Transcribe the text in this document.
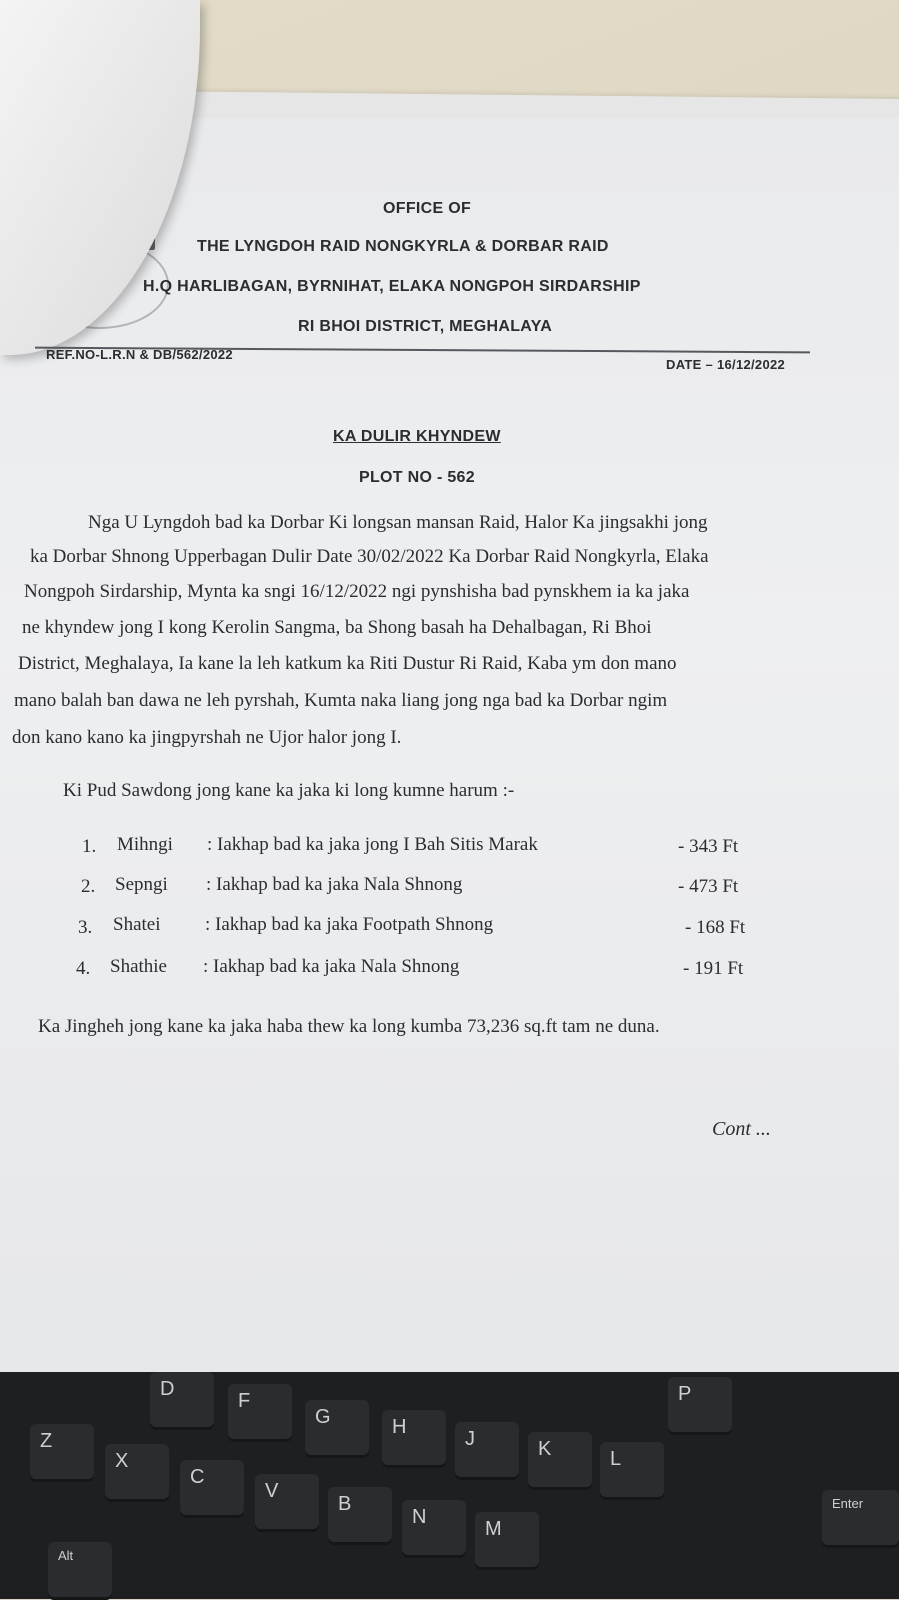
OFFICE OF
THE LYNGDOH RAID NONGKYRLA & DORBAR RAID
H.Q HARLIBAGAN, BYRNIHAT, ELAKA NONGPOH SIRDARSHIP
RI BHOI DISTRICT, MEGHALAYA
REF.NO-L.R.N & DB/562/2022
DATE – 16/12/2022
KA DULIR KHYNDEW
PLOT NO - 562
Nga U Lyngdoh bad ka Dorbar Ki longsan mansan Raid, Halor Ka jingsakhi jong
ka Dorbar Shnong Upperbagan Dulir Date 30/02/2022 Ka Dorbar Raid Nongkyrla, Elaka
Nongpoh Sirdarship, Mynta ka sngi 16/12/2022 ngi pynshisha bad pynskhem ia ka jaka
ne khyndew jong I kong Kerolin Sangma, ba Shong basah ha Dehalbagan, Ri Bhoi
District, Meghalaya, Ia kane la leh katkum ka Riti Dustur Ri Raid, Kaba ym don mano
mano balah ban dawa ne leh pyrshah, Kumta naka liang jong nga bad ka Dorbar ngim
don kano kano ka jingpyrshah ne Ujor halor jong I.
Ki Pud Sawdong jong kane ka jaka ki long kumne harum :-
1. Mihngi : Iakhap bad ka jaka jong I Bah Sitis Marak	- 343 Ft
2. Sepngi : Iakhap bad ka jaka Nala Shnong	- 473 Ft
3. Shatei : Iakhap bad ka jaka Footpath Shnong	- 168 Ft
4. Shathie : Iakhap bad ka jaka Nala Shnong	- 191 Ft
Ka Jingheh jong kane ka jaka haba thew ka long kumba 73,236 sq.ft tam ne duna.
Cont ...
D
F
G	H
J	K	L
P
Z
X
C
V
B
N
M
Enter
Alt
